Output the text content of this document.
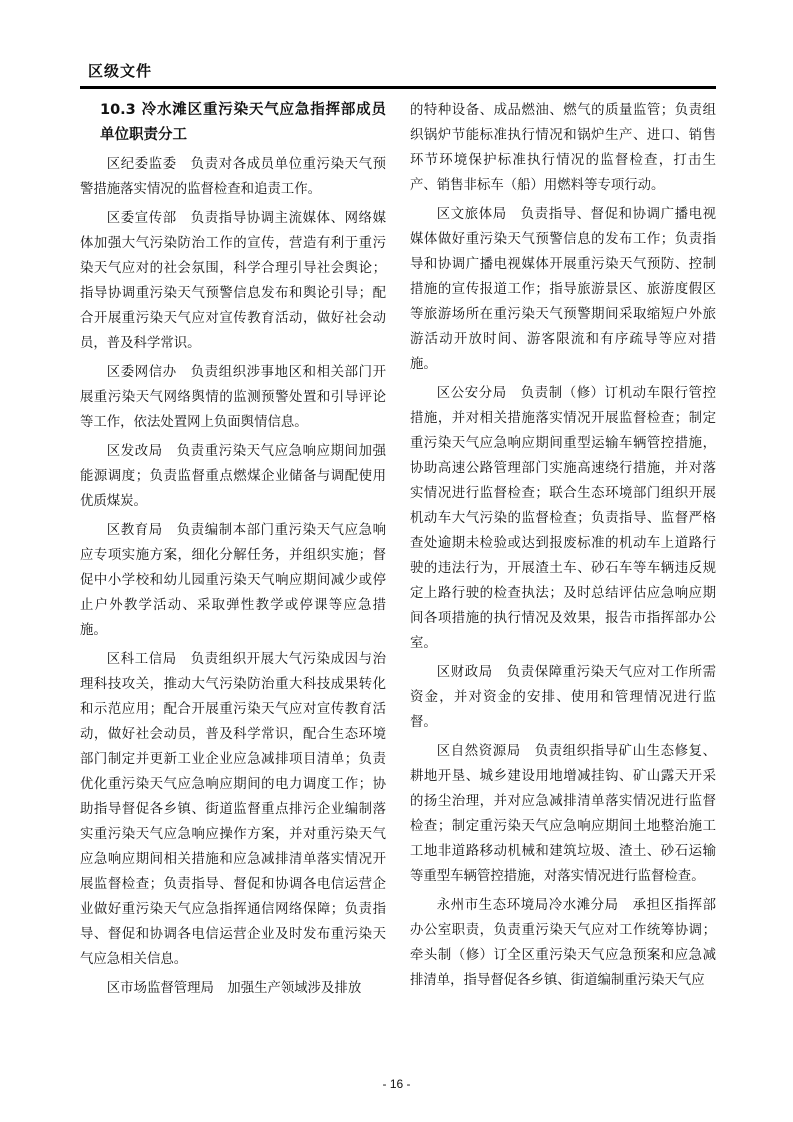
区级文件
10.3 冷水滩区重污染天气应急指挥部成员单位职责分工

区纪委监委　负责对各成员单位重污染天气预警措施落实情况的监督检查和追责工作。

区委宣传部　负责指导协调主流媒体、网络媒体加强大气污染防治工作的宣传，营造有利于重污染天气应对的社会氛围，科学合理引导社会舆论；指导协调重污染天气预警信息发布和舆论引导；配合开展重污染天气应对宣传教育活动，做好社会动员，普及科学常识。

区委网信办　负责组织涉事地区和相关部门开展重污染天气网络舆情的监测预警处置和引导评论等工作，依法处置网上负面舆情信息。

区发改局　负责重污染天气应急响应期间加强能源调度；负责监督重点燃煤企业储备与调配使用优质煤炭。

区教育局　负责编制本部门重污染天气应急响应专项实施方案，细化分解任务，并组织实施；督促中小学校和幼儿园重污染天气响应期间减少或停止户外教学活动、采取弹性教学或停课等应急措施。

区科工信局　负责组织开展大气污染成因与治理科技攻关，推动大气污染防治重大科技成果转化和示范应用；配合开展重污染天气应对宣传教育活动，做好社会动员，普及科学常识，配合生态环境部门制定并更新工业企业应急减排项目清单；负责优化重污染天气应急响应期间的电力调度工作；协助指导督促各乡镇、街道监督重点排污企业编制落实重污染天气应急响应操作方案，并对重污染天气应急响应期间相关措施和应急减排清单落实情况开展监督检查；负责指导、督促和协调各电信运营企业做好重污染天气应急指挥通信网络保障；负责指导、督促和协调各电信运营企业及时发布重污染天气应急相关信息。

区市场监督管理局　加强生产领域涉及排放

的特种设备、成品燃油、燃气的质量监管；负责组织锅炉节能标准执行情况和锅炉生产、进口、销售环节环境保护标准执行情况的监督检查，打击生产、销售非标车（船）用燃料等专项行动。

区文旅体局　负责指导、督促和协调广播电视媒体做好重污染天气预警信息的发布工作；负责指导和协调广播电视媒体开展重污染天气预防、控制措施的宣传报道工作；指导旅游景区、旅游度假区等旅游场所在重污染天气预警期间采取缩短户外旅游活动开放时间、游客限流和有序疏导等应对措施。

区公安分局　负责制（修）订机动车限行管控措施，并对相关措施落实情况开展监督检查；制定重污染天气应急响应期间重型运输车辆管控措施，协助高速公路管理部门实施高速绕行措施，并对落实情况进行监督检查；联合生态环境部门组织开展机动车大气污染的监督检查；负责指导、监督严格查处逾期未检验或达到报废标准的机动车上道路行驶的违法行为，开展渣土车、砂石车等车辆违反规定上路行驶的检查执法；及时总结评估应急响应期间各项措施的执行情况及效果，报告市指挥部办公室。

区财政局　负责保障重污染天气应对工作所需资金，并对资金的安排、使用和管理情况进行监督。

区自然资源局　负责组织指导矿山生态修复、耕地开垦、城乡建设用地增减挂钩、矿山露天开采的扬尘治理，并对应急减排清单落实情况进行监督检查；制定重污染天气应急响应期间土地整治施工工地非道路移动机械和建筑垃圾、渣土、砂石运输等重型车辆管控措施，对落实情况进行监督检查。

永州市生态环境局冷水滩分局　承担区指挥部办公室职责，负责重污染天气应对工作统筹协调；牵头制（修）订全区重污染天气应急预案和应急减排清单，指导督促各乡镇、街道编制重污染天气应

- 16 -
